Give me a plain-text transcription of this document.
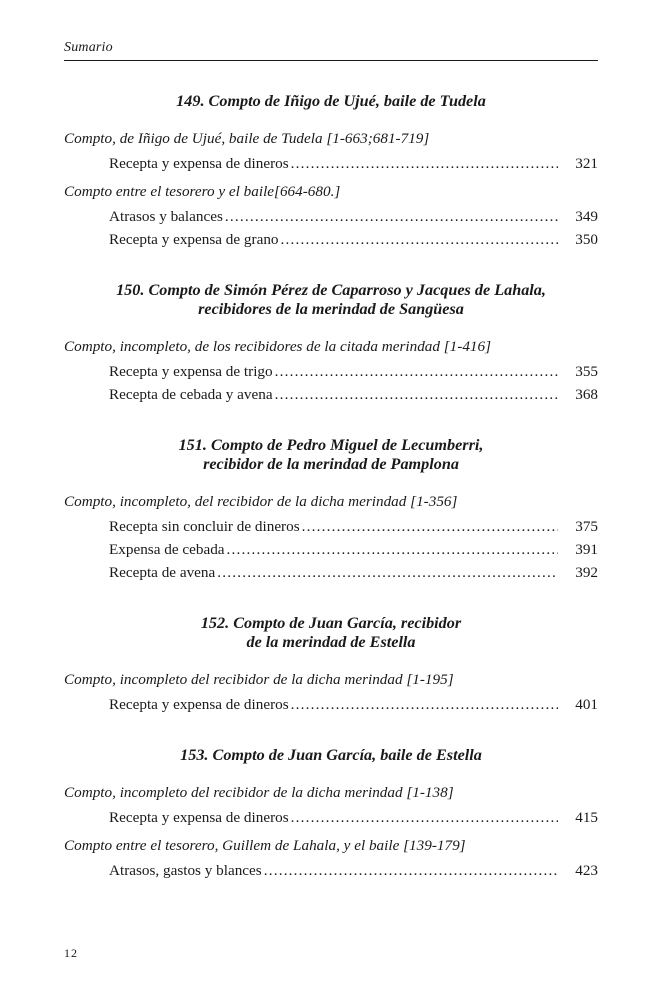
Sumario
149. Compto de Iñigo de Ujué, baile de Tudela
Compto, de Iñigo de Ujué, baile de Tudela [1-663;681-719]
Recepta y expensa de dineros .....	321
Compto entre el tesorero y el baile[664-680.]
Atrasos y balances .....	349
Recepta y expensa de grano .....	350
150. Compto de Simón Pérez de Caparroso y Jacques de Lahala,
recibidores de la merindad de Sangüesa
Compto, incompleto, de los recibidores de la citada merindad [1-416]
Recepta y expensa de trigo .....	355
Recepta de cebada y avena .....	368
151. Compto de Pedro Miguel de Lecumberri,
recibidor de la merindad de Pamplona
Compto, incompleto, del recibidor de la dicha merindad [1-356]
Recepta sin concluir de dineros .....	375
Expensa de cebada .....	391
Recepta de avena .....	392
152. Compto de Juan García, recibidor
de la merindad de Estella
Compto, incompleto del recibidor de la dicha merindad [1-195]
Recepta y expensa de dineros .....	401
153. Compto de Juan García, baile de Estella
Compto, incompleto del recibidor de la dicha merindad [1-138]
Recepta y expensa de dineros .....	415
Compto entre el tesorero, Guillem de Lahala, y el baile [139-179]
Atrasos, gastos y blances .....	423
12
